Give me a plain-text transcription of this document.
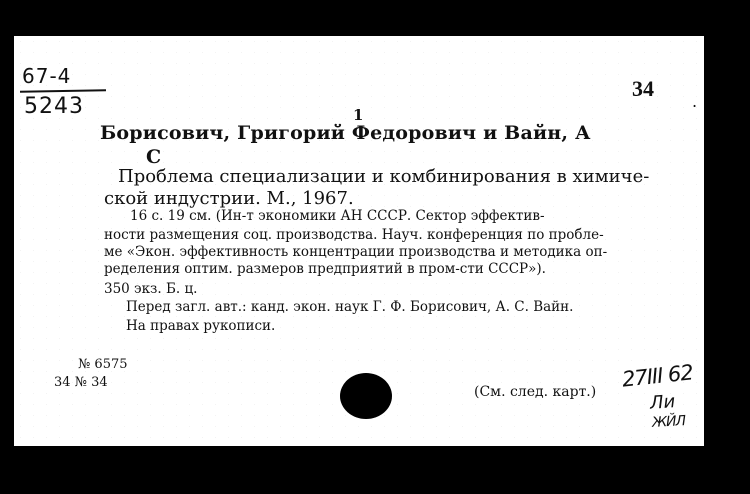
67-4
5243
34
.
1
Борисович, Григорий Федорович и Вайн, А
С
Проблема специализации и комбинирования в химиче-
ской индустрии. М., 1967.
16 с. 19 см. (Ин-т экономики АН СССР. Сектор эффектив-
ности размещения соц. производства. Науч. конференция по пробле-
ме «Экон. эффективность концентрации производства и методика оп-
ределения оптим. размеров предприятий в пром-сти СССР»).
350 экз. Б. ц.
Перед загл. авт.: канд. экон. наук Г. Ф. Борисович, А. С. Вайн.
На правах рукописи.
№ 6575
34 № 34
(См. след. карт.)
27III 62
Ли
ЖЙЛ
